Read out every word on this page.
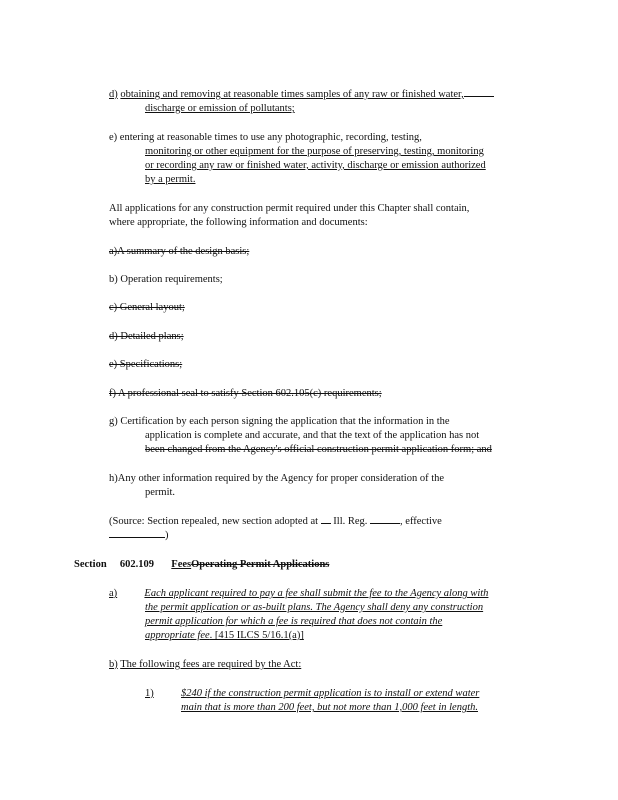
d) obtaining and removing at reasonable times samples of any raw or finished water,
discharge or emission of pollutants;
e) entering at reasonable times to use any photographic, recording, testing,
monitoring or other equipment for the purpose of preserving, testing, monitoring
or recording any raw or finished water, activity, discharge or emission authorized
by a permit.
All applications for any construction permit required under this Chapter shall contain,
where appropriate, the following information and documents:
a)A summary of the design basis;
b) Operation requirements;
c) General layout;
d) Detailed plans;
e) Specifications;
f) A professional seal to satisfy Section 602.105(c) requirements;
g) Certification by each person signing the application that the information in the
application is complete and accurate, and that the text of the application has not
been changed from the Agency's official construction permit application form; and
h)Any other information required by the Agency for proper consideration of the
permit.
(Source: Section repealed, new section adopted at Ill. Reg.	, effective
)
Section 602.109 FeesOperating Permit Applications
a)	Each applicant required to pay a fee shall submit the fee to the Agency along with
the permit application or as-built plans. The Agency shall deny any construction
permit application for which a fee is required that does not contain the
appropriate fee. [415 ILCS 5/16.1(a)]
b) The following fees are required by the Act:
1)	$240 if the construction permit application is to install or extend water
main that is more than 200 feet, but not more than 1,000 feet in length.
